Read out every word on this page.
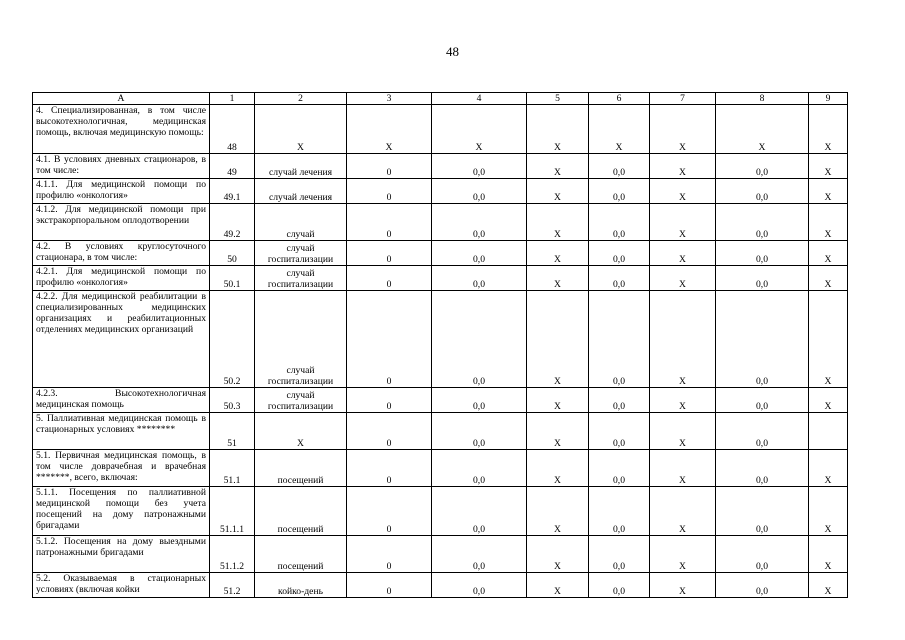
48
А	1	2	3	4	5	6	7	8	9
4. Специализированная, в том числе высокотехнологичная, медицинская помощь, включая медицинскую помощь:	48	Х	Х	Х	Х	Х	Х	Х	Х
4.1. В условиях дневных стационаров, в том числе:	49	случай лечения	0	0,0	Х	0,0	Х	0,0	Х
4.1.1. Для медицинской помощи по профилю «онкология»	49.1	случай лечения	0	0,0	Х	0,0	Х	0,0	Х
4.1.2. Для медицинской помощи при экстракорпоральном оплодотворении	49.2	случай	0	0,0	Х	0,0	Х	0,0	Х
4.2. В условиях круглосуточного стационара, в том числе:	50	случай госпитализации	0	0,0	Х	0,0	Х	0,0	Х
4.2.1. Для медицинской помощи по профилю «онкология»	50.1	случай госпитализации	0	0,0	Х	0,0	Х	0,0	Х
4.2.2. Для медицинской реабилитации в специализированных медицинских организациях и реабилитационных отделениях медицинских организаций	50.2	случай госпитализации	0	0,0	Х	0,0	Х	0,0	Х
4.2.3. Высокотехнологичная медицинская помощь	50.3	случай госпитализации	0	0,0	Х	0,0	Х	0,0	Х
5. Паллиативная медицинская помощь в стационарных условиях ********	51	Х	0	0,0	Х	0,0	Х	0,0	
5.1. Первичная медицинская помощь, в том числе доврачебная и врачебная *******, всего, включая:	51.1	посещений	0	0,0	Х	0,0	Х	0,0	Х
5.1.1. Посещения по паллиативной медицинской помощи без учета посещений на дому патронажными бригадами	51.1.1	посещений	0	0,0	Х	0,0	Х	0,0	Х
5.1.2. Посещения на дому выездными патронажными бригадами	51.1.2	посещений	0	0,0	Х	0,0	Х	0,0	Х
5.2. Оказываемая в стационарных условиях (включая койки	51.2	койко-день	0	0,0	Х	0,0	Х	0,0	Х
